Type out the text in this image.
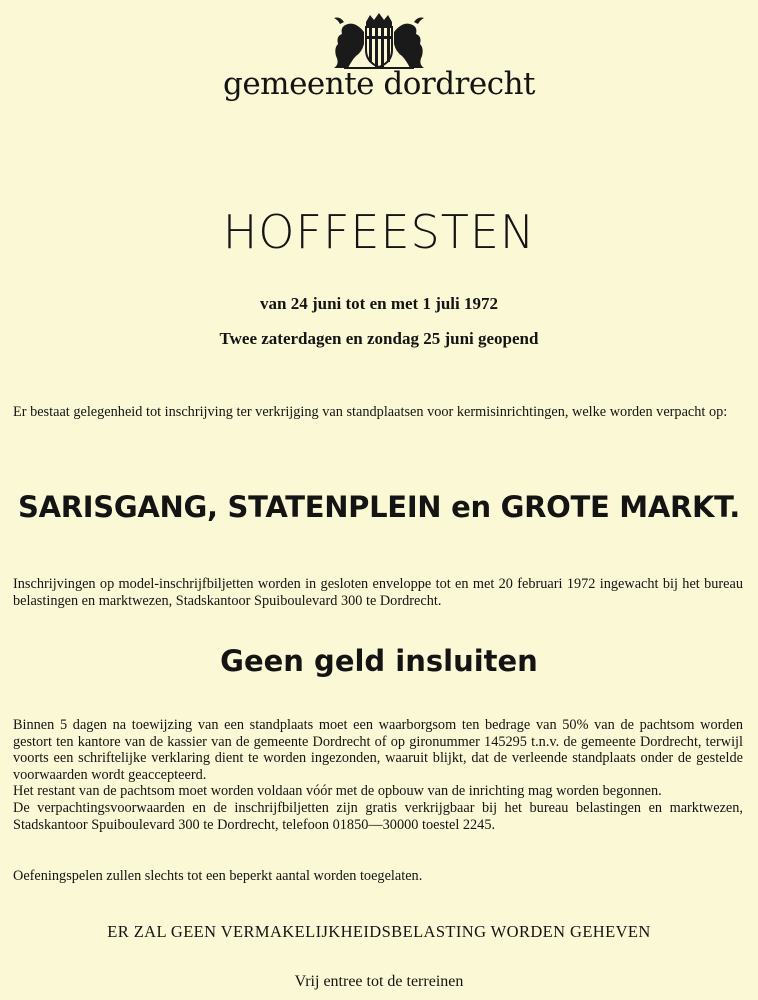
gemeente dordrecht
HOFFEESTEN
van 24 juni tot en met 1 juli 1972
Twee zaterdagen en zondag 25 juni geopend
Er bestaat gelegenheid tot inschrijving ter verkrijging van standplaatsen voor kermisinrichtingen, welke worden verpacht op:
SARISGANG, STATENPLEIN en GROTE MARKT.
Inschrijvingen op model-inschrijfbiljetten worden in gesloten enveloppe tot en met 20 februari 1972 ingewacht bij het bureau belastingen en marktwezen, Stadskantoor Spuiboulevard 300 te Dordrecht.
Geen geld insluiten
Binnen 5 dagen na toewijzing van een standplaats moet een waarborgsom ten bedrage van 50% van de pachtsom worden gestort ten kantore van de kassier van de gemeente Dordrecht of op gironummer 145295 t.n.v. de gemeente Dordrecht, terwijl voorts een schriftelijke verklaring dient te worden ingezonden, waaruit blijkt, dat de verleende standplaats onder de gestelde voorwaarden wordt geaccepteerd.
Het restant van de pachtsom moet worden voldaan vóór met de opbouw van de inrichting mag worden begonnen.
De verpachtingsvoorwaarden en de inschrijfbiljetten zijn gratis verkrijgbaar bij het bureau belastingen en marktwezen, Stadskantoor Spuiboulevard 300 te Dordrecht, telefoon 01850—30000 toestel 2245.
Oefeningspelen zullen slechts tot een beperkt aantal worden toegelaten.
ER ZAL GEEN VERMAKELIJKHEIDSBELASTING WORDEN GEHEVEN
Vrij entree tot de terreinen
